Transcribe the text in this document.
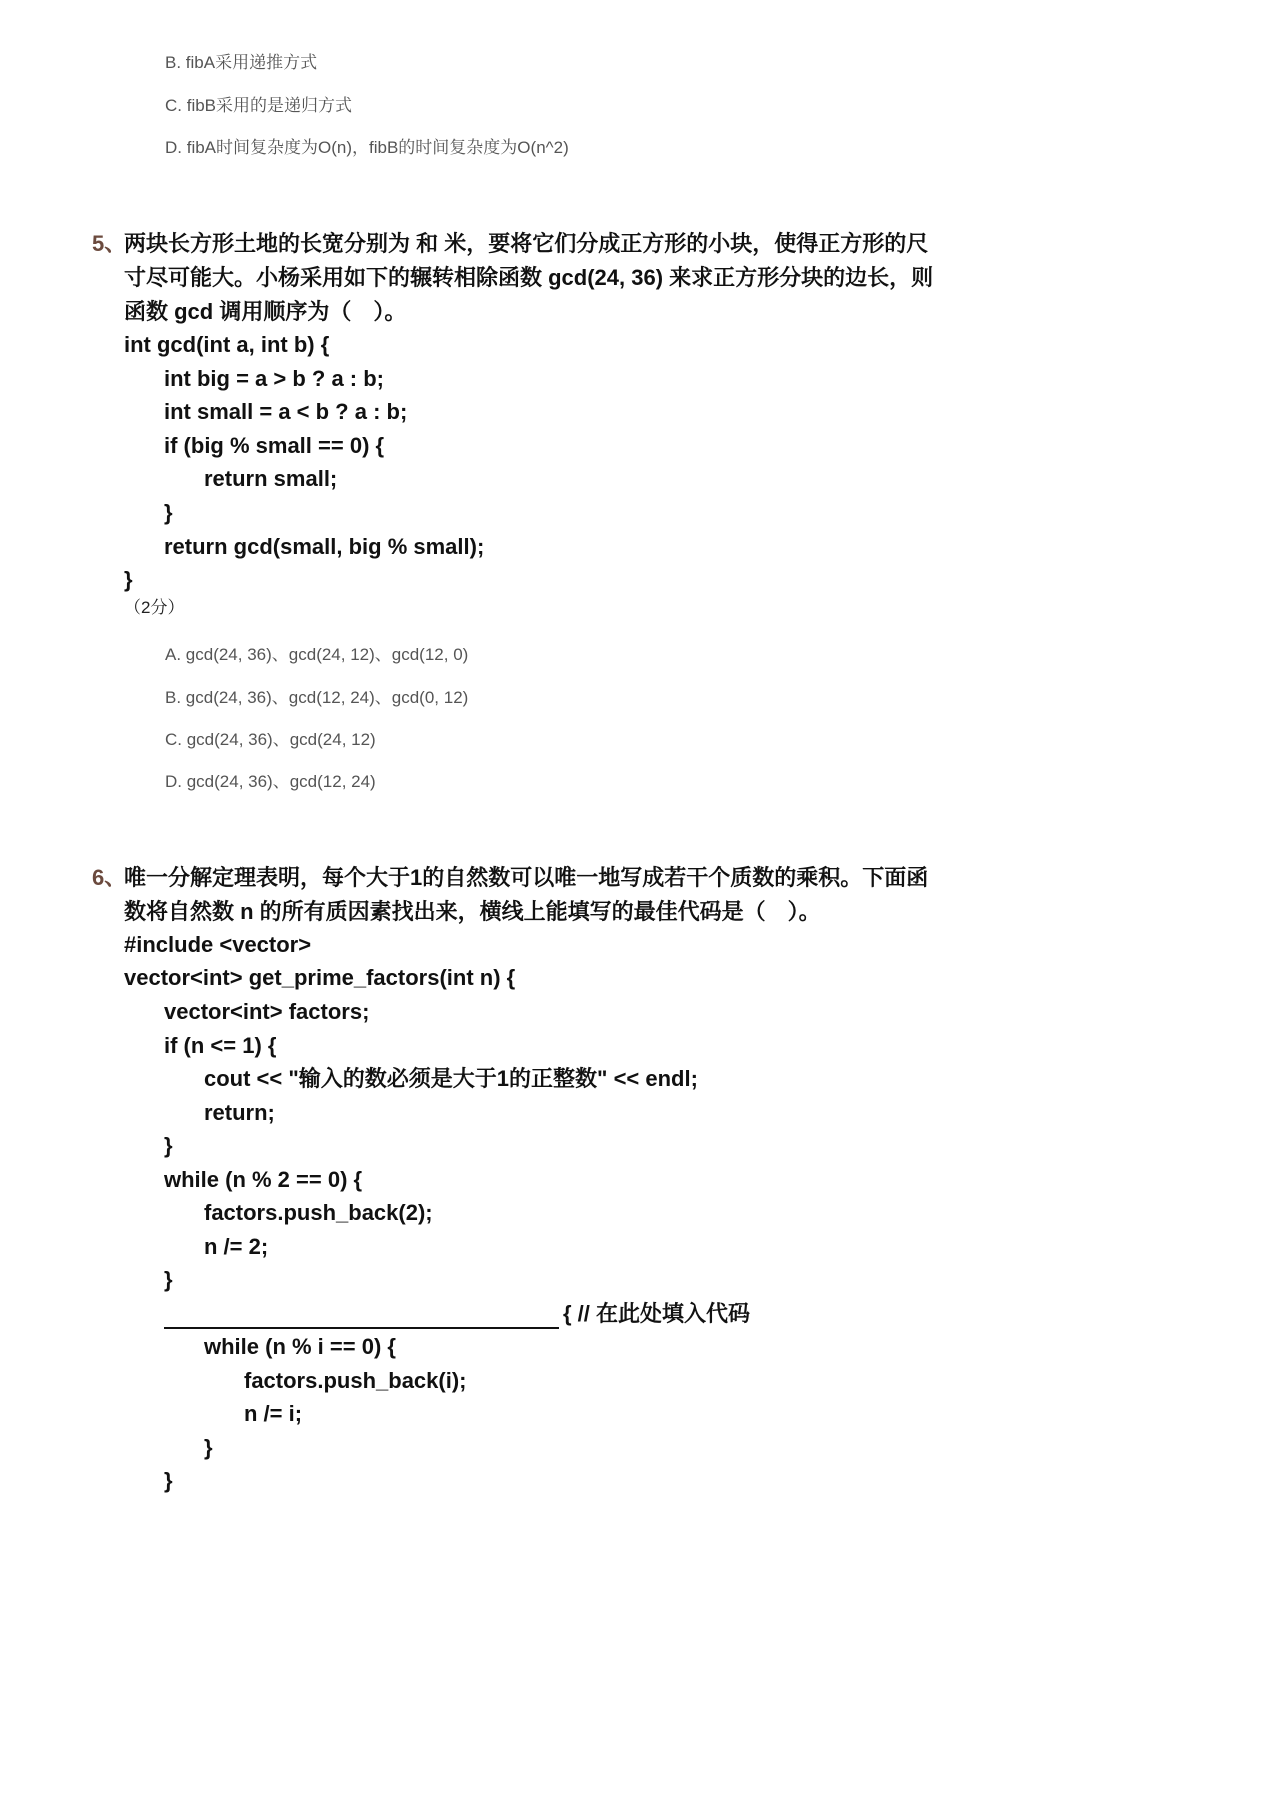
B. fibA采用递推方式
C. fibB采用的是递归方式
D. fibA时间复杂度为O(n)，fibB的时间复杂度为O(n^2)
5、
两块长方形土地的长宽分别为 和 米，要将它们分成正方形的小块，使得正方形的尺
寸尽可能大。小杨采用如下的辗转相除函数 gcd(24, 36) 来求正方形分块的边长，则
函数 gcd 调用顺序为（　）。
int gcd(int a, int b) {
int big = a > b ? a : b;
int small = a < b ? a : b;
if (big % small == 0) {
return small;
}
return gcd(small, big % small);
}
（2分）
A. gcd(24, 36)、gcd(24, 12)、gcd(12, 0)
B. gcd(24, 36)、gcd(12, 24)、gcd(0, 12)
C. gcd(24, 36)、gcd(24, 12)
D. gcd(24, 36)、gcd(12, 24)
6、
唯一分解定理表明，每个大于1的自然数可以唯一地写成若干个质数的乘积。下面函
数将自然数 n 的所有质因素找出来，横线上能填写的最佳代码是（　）。
#include <vector>
vector<int> get_prime_factors(int n) {
vector<int> factors;
if (n <= 1) {
cout << "输入的数必须是大于1的正整数" << endl;
return;
}
while (n % 2 == 0) {
factors.push_back(2);
n /= 2;
}
{ // 在此处填入代码
while (n % i == 0) {
factors.push_back(i);
n /= i;
}
}
